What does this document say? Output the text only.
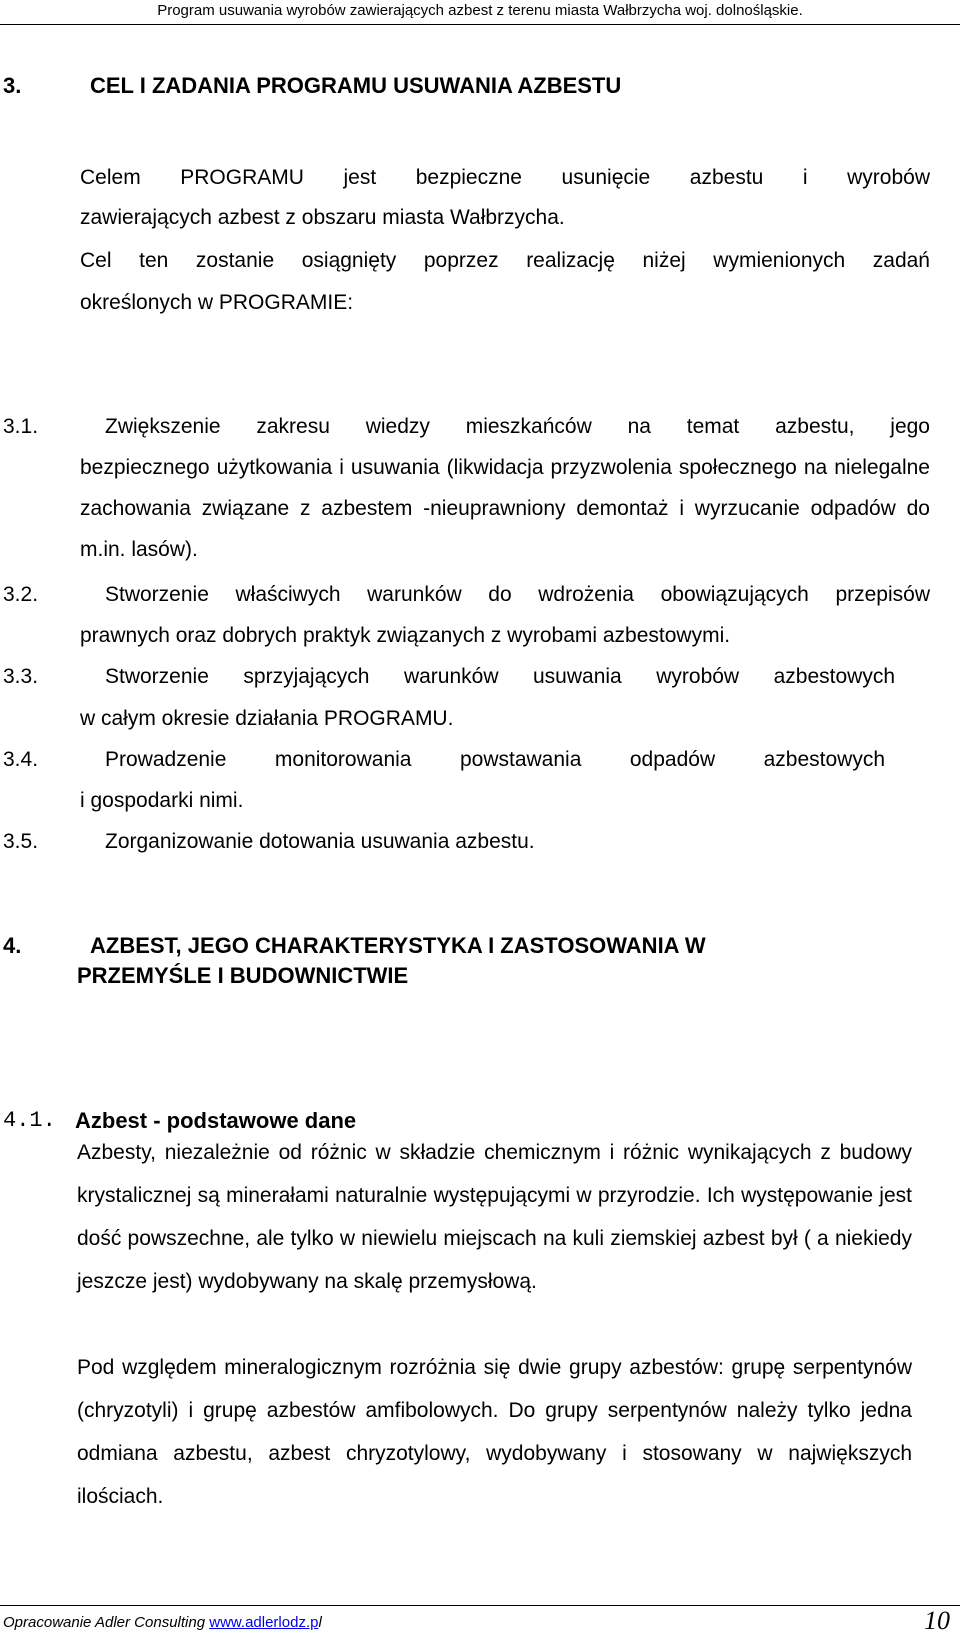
Program usuwania wyrobów zawierających azbest z terenu miasta Wałbrzycha woj. dolnośląskie.
3.	CEL I ZADANIA PROGRAMU USUWANIA AZBESTU
Celem PROGRAMU jest bezpieczne usunięcie azbestu i wyrobów
zawierających azbest z obszaru miasta Wałbrzycha.
Cel ten zostanie osiągnięty poprzez realizację niżej wymienionych zadań
określonych w PROGRAMIE:
3.1.	Zwiększenie zakresu wiedzy mieszkańców na temat azbestu, jego
bezpiecznego użytkowania i usuwania (likwidacja przyzwolenia społecznego na nielegalne zachowania związane z azbestem -nieuprawniony demontaż i wyrzucanie odpadów do m.in. lasów).
3.2.	Stworzenie właściwych warunków do wdrożenia obowiązujących przepisów
prawnych oraz dobrych praktyk związanych z wyrobami azbestowymi.
3.3.	Stworzenie sprzyjających warunków usuwania wyrobów azbestowych
w całym okresie działania PROGRAMU.
3.4.	Prowadzenie monitorowania powstawania odpadów azbestowych
i gospodarki nimi.
3.5.	Zorganizowanie dotowania usuwania azbestu.
4.	AZBEST, JEGO CHARAKTERYSTYKA I ZASTOSOWANIA W
PRZEMYŚLE I BUDOWNICTWIE
4.1. Azbest - podstawowe dane
Azbesty, niezależnie od różnic w składzie chemicznym i różnic wynikających z budowy krystalicznej są minerałami naturalnie występującymi w przyrodzie. Ich występowanie jest dość powszechne, ale tylko w niewielu miejscach na kuli ziemskiej azbest był ( a niekiedy jeszcze jest) wydobywany na skalę przemysłową.
Pod względem mineralogicznym rozróżnia się dwie grupy azbestów: grupę serpentynów (chryzotyli) i grupę azbestów amfibolowych. Do grupy serpentynów należy tylko jedna odmiana azbestu, azbest chryzotylowy, wydobywany i stosowany w największych ilościach.
Opracowanie Adler Consulting www.adlerlodz.pl	10
